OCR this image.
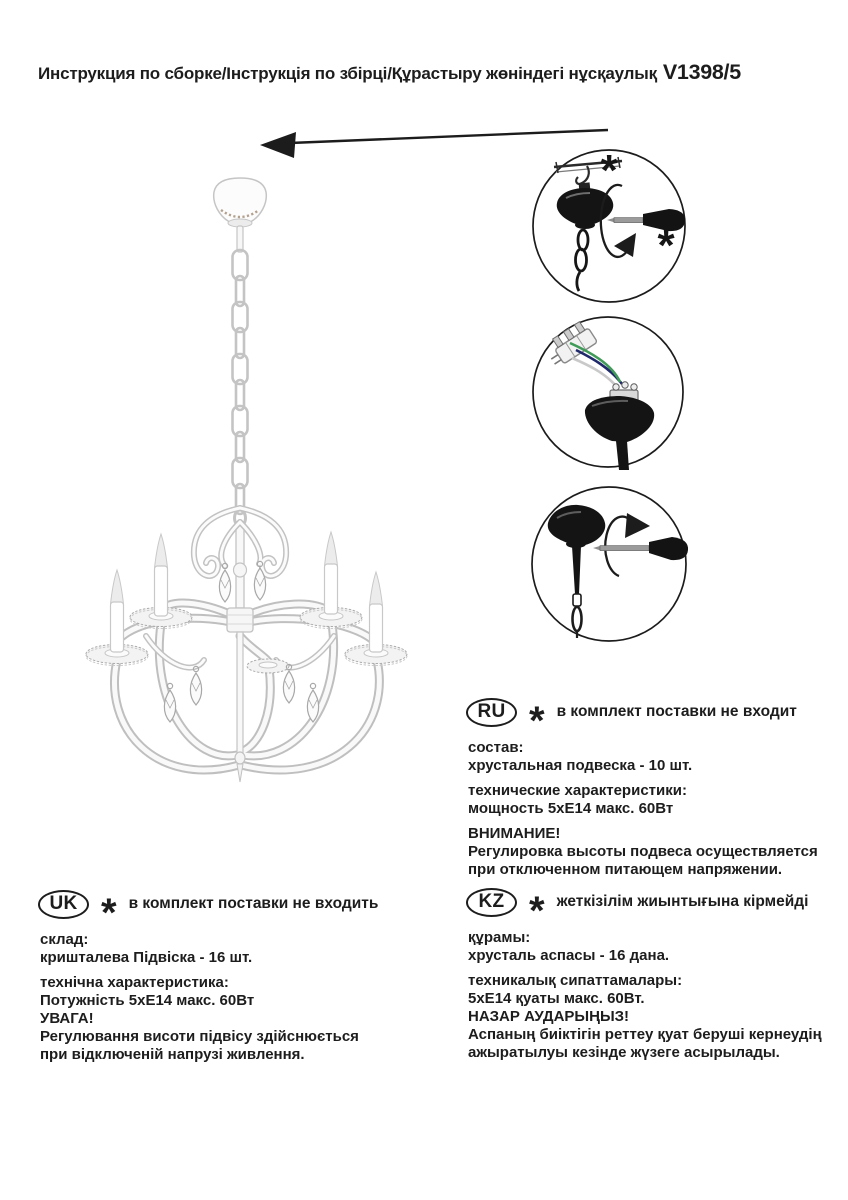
Инструкция по сборке/Інструкція по збірці/Құрастыру жөніндегі нұсқаулық V1398/5
*
*
RU * в комплект поставки не входит

состав:
хрустальная подвеска - 10 шт.

технические характеристики:
мощность 5хЕ14 макс. 60Вт

ВНИМАНИЕ!
Регулировка высоты подвеса осуществляется
при отключенном питающем напряжении.

UK * в комплект поставки не входить

склад:
кришталева Підвіска - 16 шт.

технічна характеристика:
Потужність 5хЕ14 макс. 60Вт
УВАГА!
Регулювання висоти підвісу здійснюється
при відключеній напрузі живлення.

KZ * жеткізілім жиынтығына кірмейді

құрамы:
хрусталь аспасы - 16 дана.

техникалық сипаттамалары:
5хЕ14 қуаты макс. 60Вт.
НАЗАР АУДАРЫҢЫЗ!
Аспаның биіктігін реттеу қуат беруші кернеудің
ажыратылуы кезінде жүзеге асырылады.
